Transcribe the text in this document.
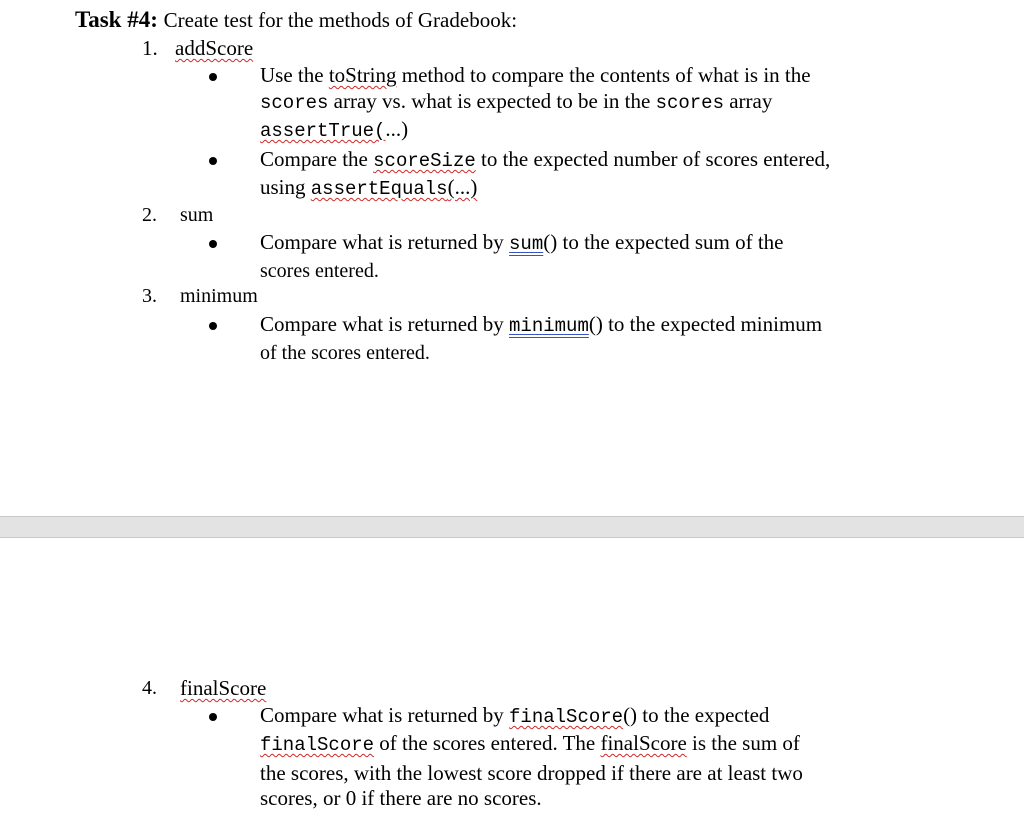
Task #4: Create test for the methods of Gradebook:
1. addScore
Use the toString method to compare the contents of what is in the
scores array vs. what is expected to be in the scores array
assertTrue(...)
Compare the scoreSize to the expected number of scores entered,
using assertEquals(...)
2. sum
Compare what is returned by sum() to the expected sum of the
scores entered.
3. minimum
Compare what is returned by minimum() to the expected minimum
of the scores entered.
4. finalScore
Compare what is returned by finalScore() to the expected
finalScore of the scores entered. The finalScore is the sum of
the scores, with the lowest score dropped if there are at least two
scores, or 0 if there are no scores.
